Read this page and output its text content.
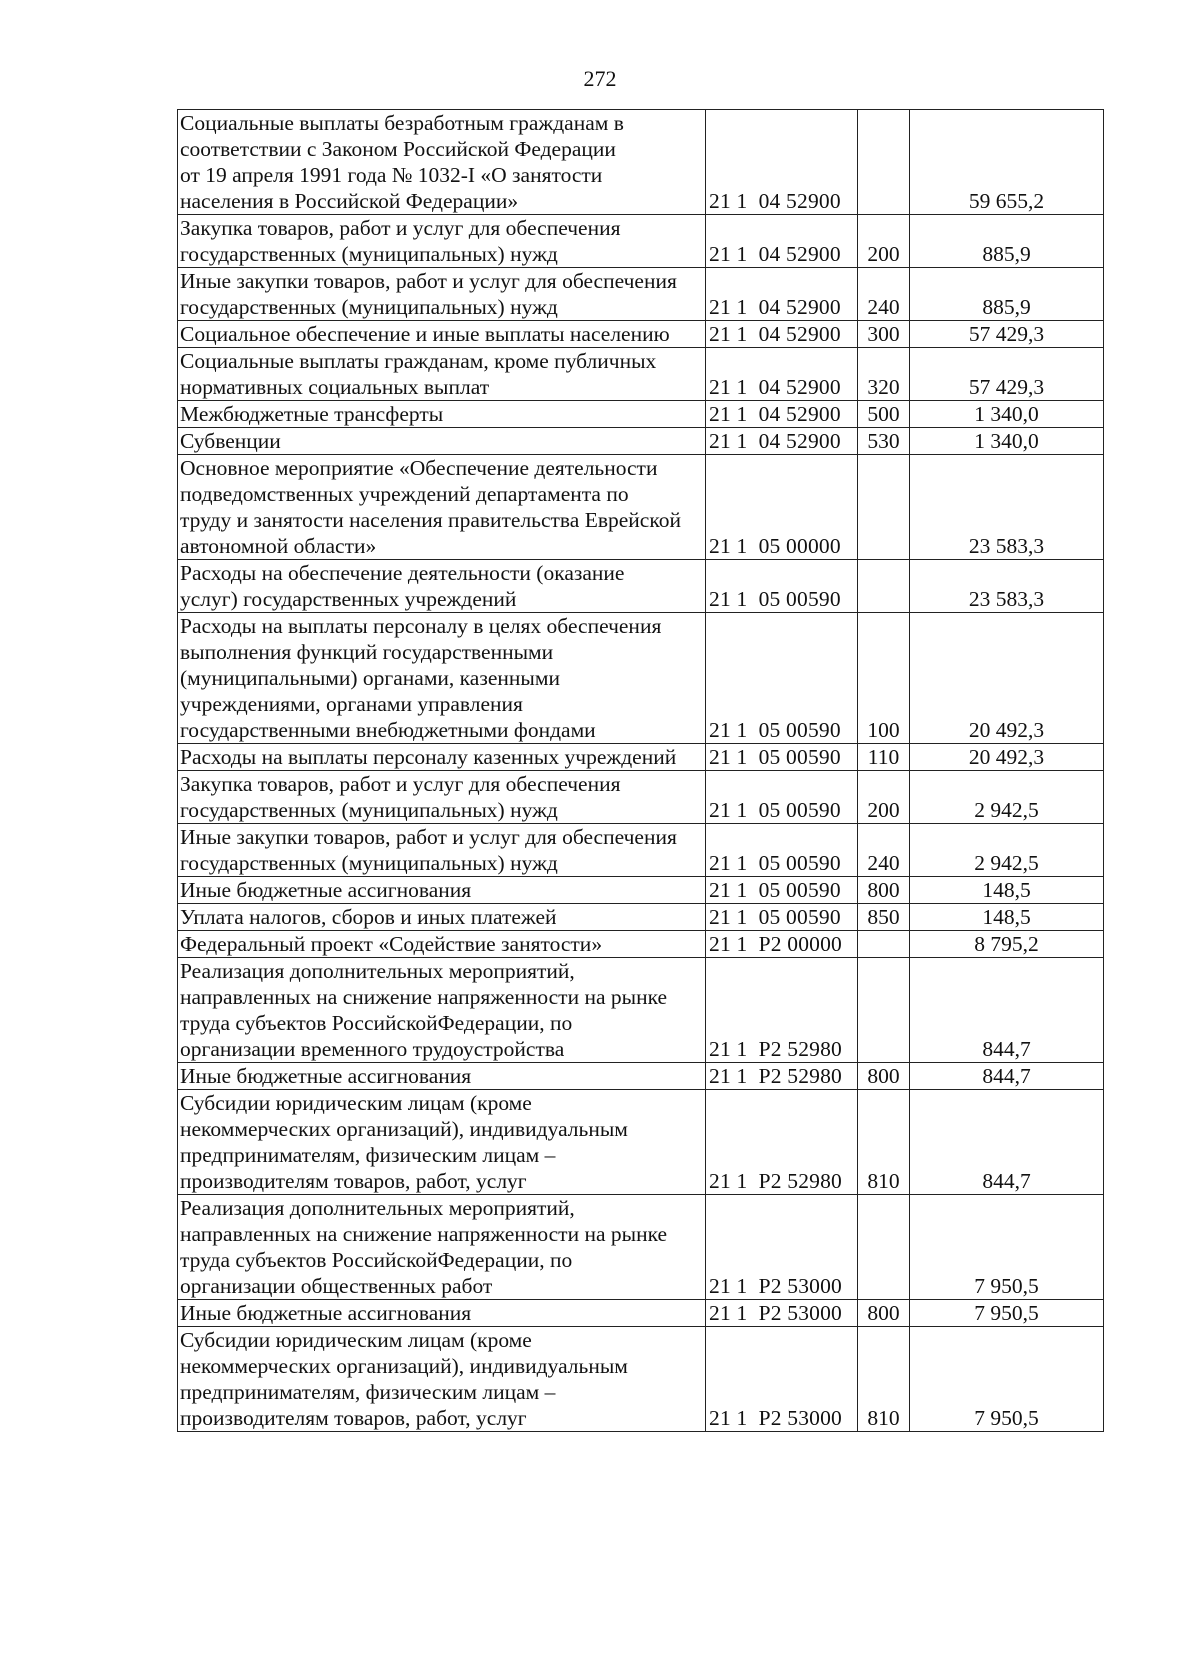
272
Социальные выплаты безработным гражданам в
соответствии с Законом Российской Федерации
от 19 апреля 1991 года № 1032-I «О занятости
населения в Российской Федерации»	21 1  04 52900		59 655,2
Закупка товаров, работ и услуг для обеспечения
государственных (муниципальных) нужд	21 1  04 52900	200	885,9
Иные закупки товаров, работ и услуг для обеспечения
государственных (муниципальных) нужд	21 1  04 52900	240	885,9
Социальное обеспечение и иные выплаты населению	21 1  04 52900	300	57 429,3
Социальные выплаты гражданам, кроме публичных
нормативных социальных выплат	21 1  04 52900	320	57 429,3
Межбюджетные трансферты	21 1  04 52900	500	1 340,0
Субвенции	21 1  04 52900	530	1 340,0
Основное мероприятие «Обеспечение деятельности
подведомственных учреждений департамента по
труду и занятости населения правительства Еврейской
автономной области»	21 1  05 00000		23 583,3
Расходы на обеспечение деятельности (оказание
услуг) государственных учреждений	21 1  05 00590		23 583,3
Расходы на выплаты персоналу в целях обеспечения
выполнения функций государственными
(муниципальными) органами, казенными
учреждениями, органами управления
государственными внебюджетными фондами	21 1  05 00590	100	20 492,3
Расходы на выплаты персоналу казенных учреждений	21 1  05 00590	110	20 492,3
Закупка товаров, работ и услуг для обеспечения
государственных (муниципальных) нужд	21 1  05 00590	200	2 942,5
Иные закупки товаров, работ и услуг для обеспечения
государственных (муниципальных) нужд	21 1  05 00590	240	2 942,5
Иные бюджетные ассигнования	21 1  05 00590	800	148,5
Уплата налогов, сборов и иных платежей	21 1  05 00590	850	148,5
Федеральный проект «Содействие занятости»	21 1  P2 00000		8 795,2
Реализация дополнительных мероприятий,
направленных на снижение напряженности на рынке
труда субъектов РоссийскойФедерации, по
организации временного трудоустройства	21 1  P2 52980		844,7
Иные бюджетные ассигнования	21 1  P2 52980	800	844,7
Субсидии юридическим лицам (кроме
некоммерческих организаций), индивидуальным
предпринимателям, физическим лицам –
производителям товаров, работ, услуг	21 1  P2 52980	810	844,7
Реализация дополнительных мероприятий,
направленных на снижение напряженности на рынке
труда субъектов РоссийскойФедерации, по
организации общественных работ	21 1  P2 53000		7 950,5
Иные бюджетные ассигнования	21 1  P2 53000	800	7 950,5
Субсидии юридическим лицам (кроме
некоммерческих организаций), индивидуальным
предпринимателям, физическим лицам –
производителям товаров, работ, услуг	21 1  P2 53000	810	7 950,5
